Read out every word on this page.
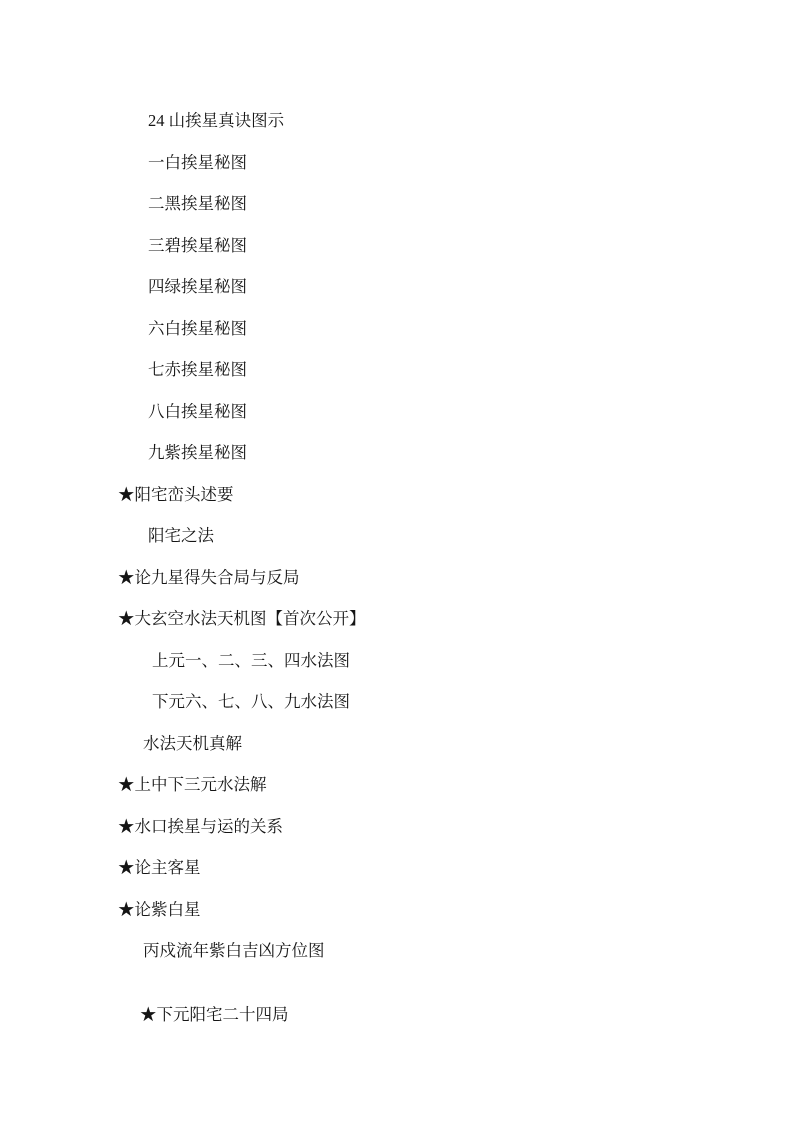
24 山挨星真诀图示
一白挨星秘图
二黑挨星秘图
三碧挨星秘图
四绿挨星秘图
六白挨星秘图
七赤挨星秘图
八白挨星秘图
九紫挨星秘图
★阳宅峦头述要
阳宅之法
★论九星得失合局与反局
★大玄空水法天机图【首次公开】
上元一、二、三、四水法图
下元六、七、八、九水法图
水法天机真解
★上中下三元水法解
★水口挨星与运的关系
★论主客星
★论紫白星
丙戍流年紫白吉凶方位图
★下元阳宅二十四局
